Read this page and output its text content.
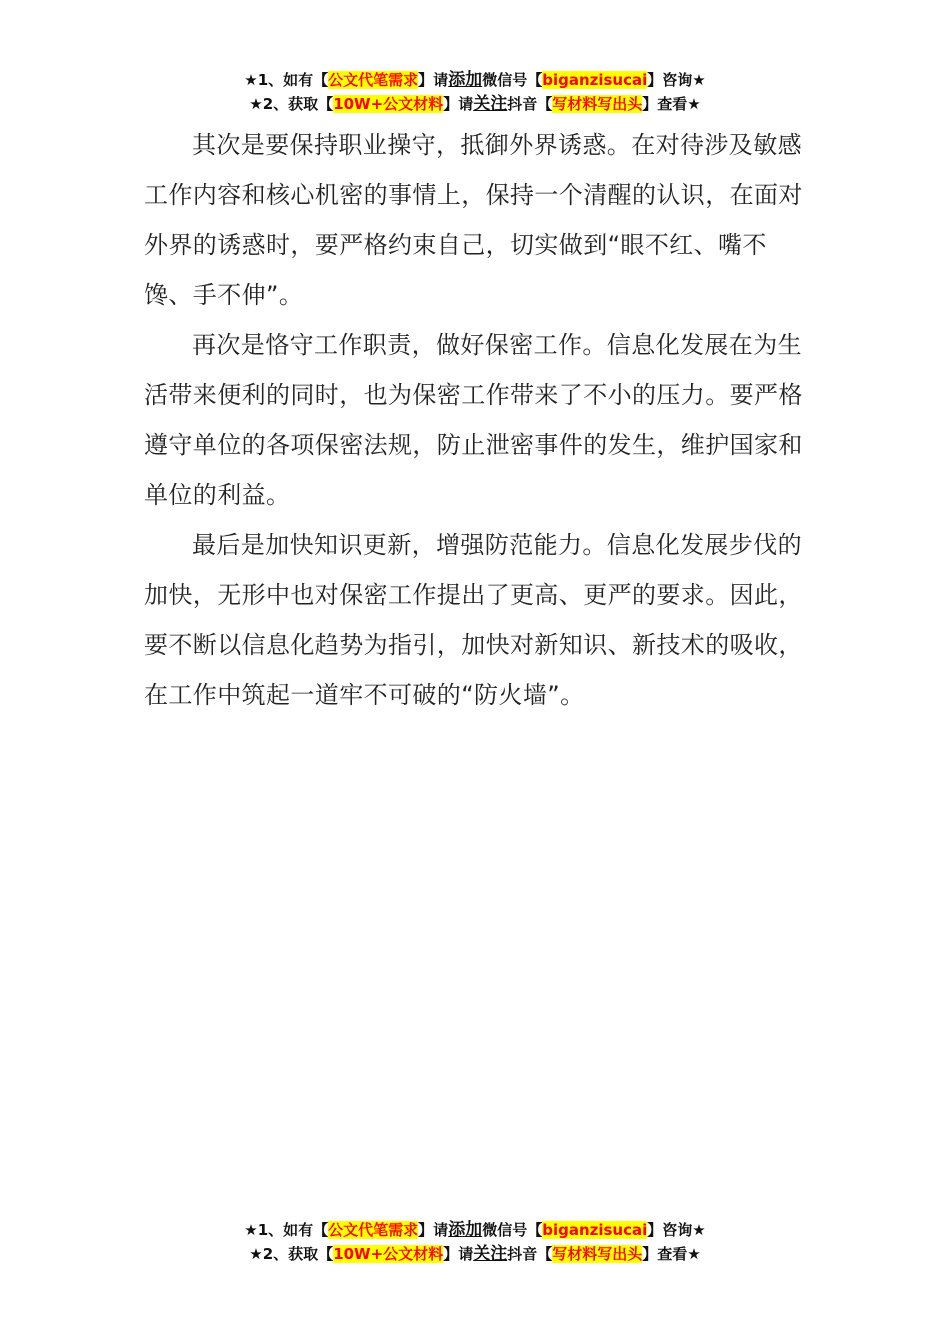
★1、如有【公文代笔需求】请添加微信号【biganzisucai】咨询★
★2、获取【10W+公文材料】请关注抖音【写材料写出头】查看★

其次是要保持职业操守，抵御外界诱惑。在对待涉及敏感工作内容和核心机密的事情上，保持一个清醒的认识，在面对外界的诱惑时，要严格约束自己，切实做到“眼不红、嘴不馋、手不伸”。

再次是恪守工作职责，做好保密工作。信息化发展在为生活带来便利的同时，也为保密工作带来了不小的压力。要严格遵守单位的各项保密法规，防止泄密事件的发生，维护国家和单位的利益。

最后是加快知识更新，增强防范能力。信息化发展步伐的加快，无形中也对保密工作提出了更高、更严的要求。因此，要不断以信息化趋势为指引，加快对新知识、新技术的吸收，在工作中筑起一道牢不可破的“防火墙”。

★1、如有【公文代笔需求】请添加微信号【biganzisucai】咨询★
★2、获取【10W+公文材料】请关注抖音【写材料写出头】查看★
